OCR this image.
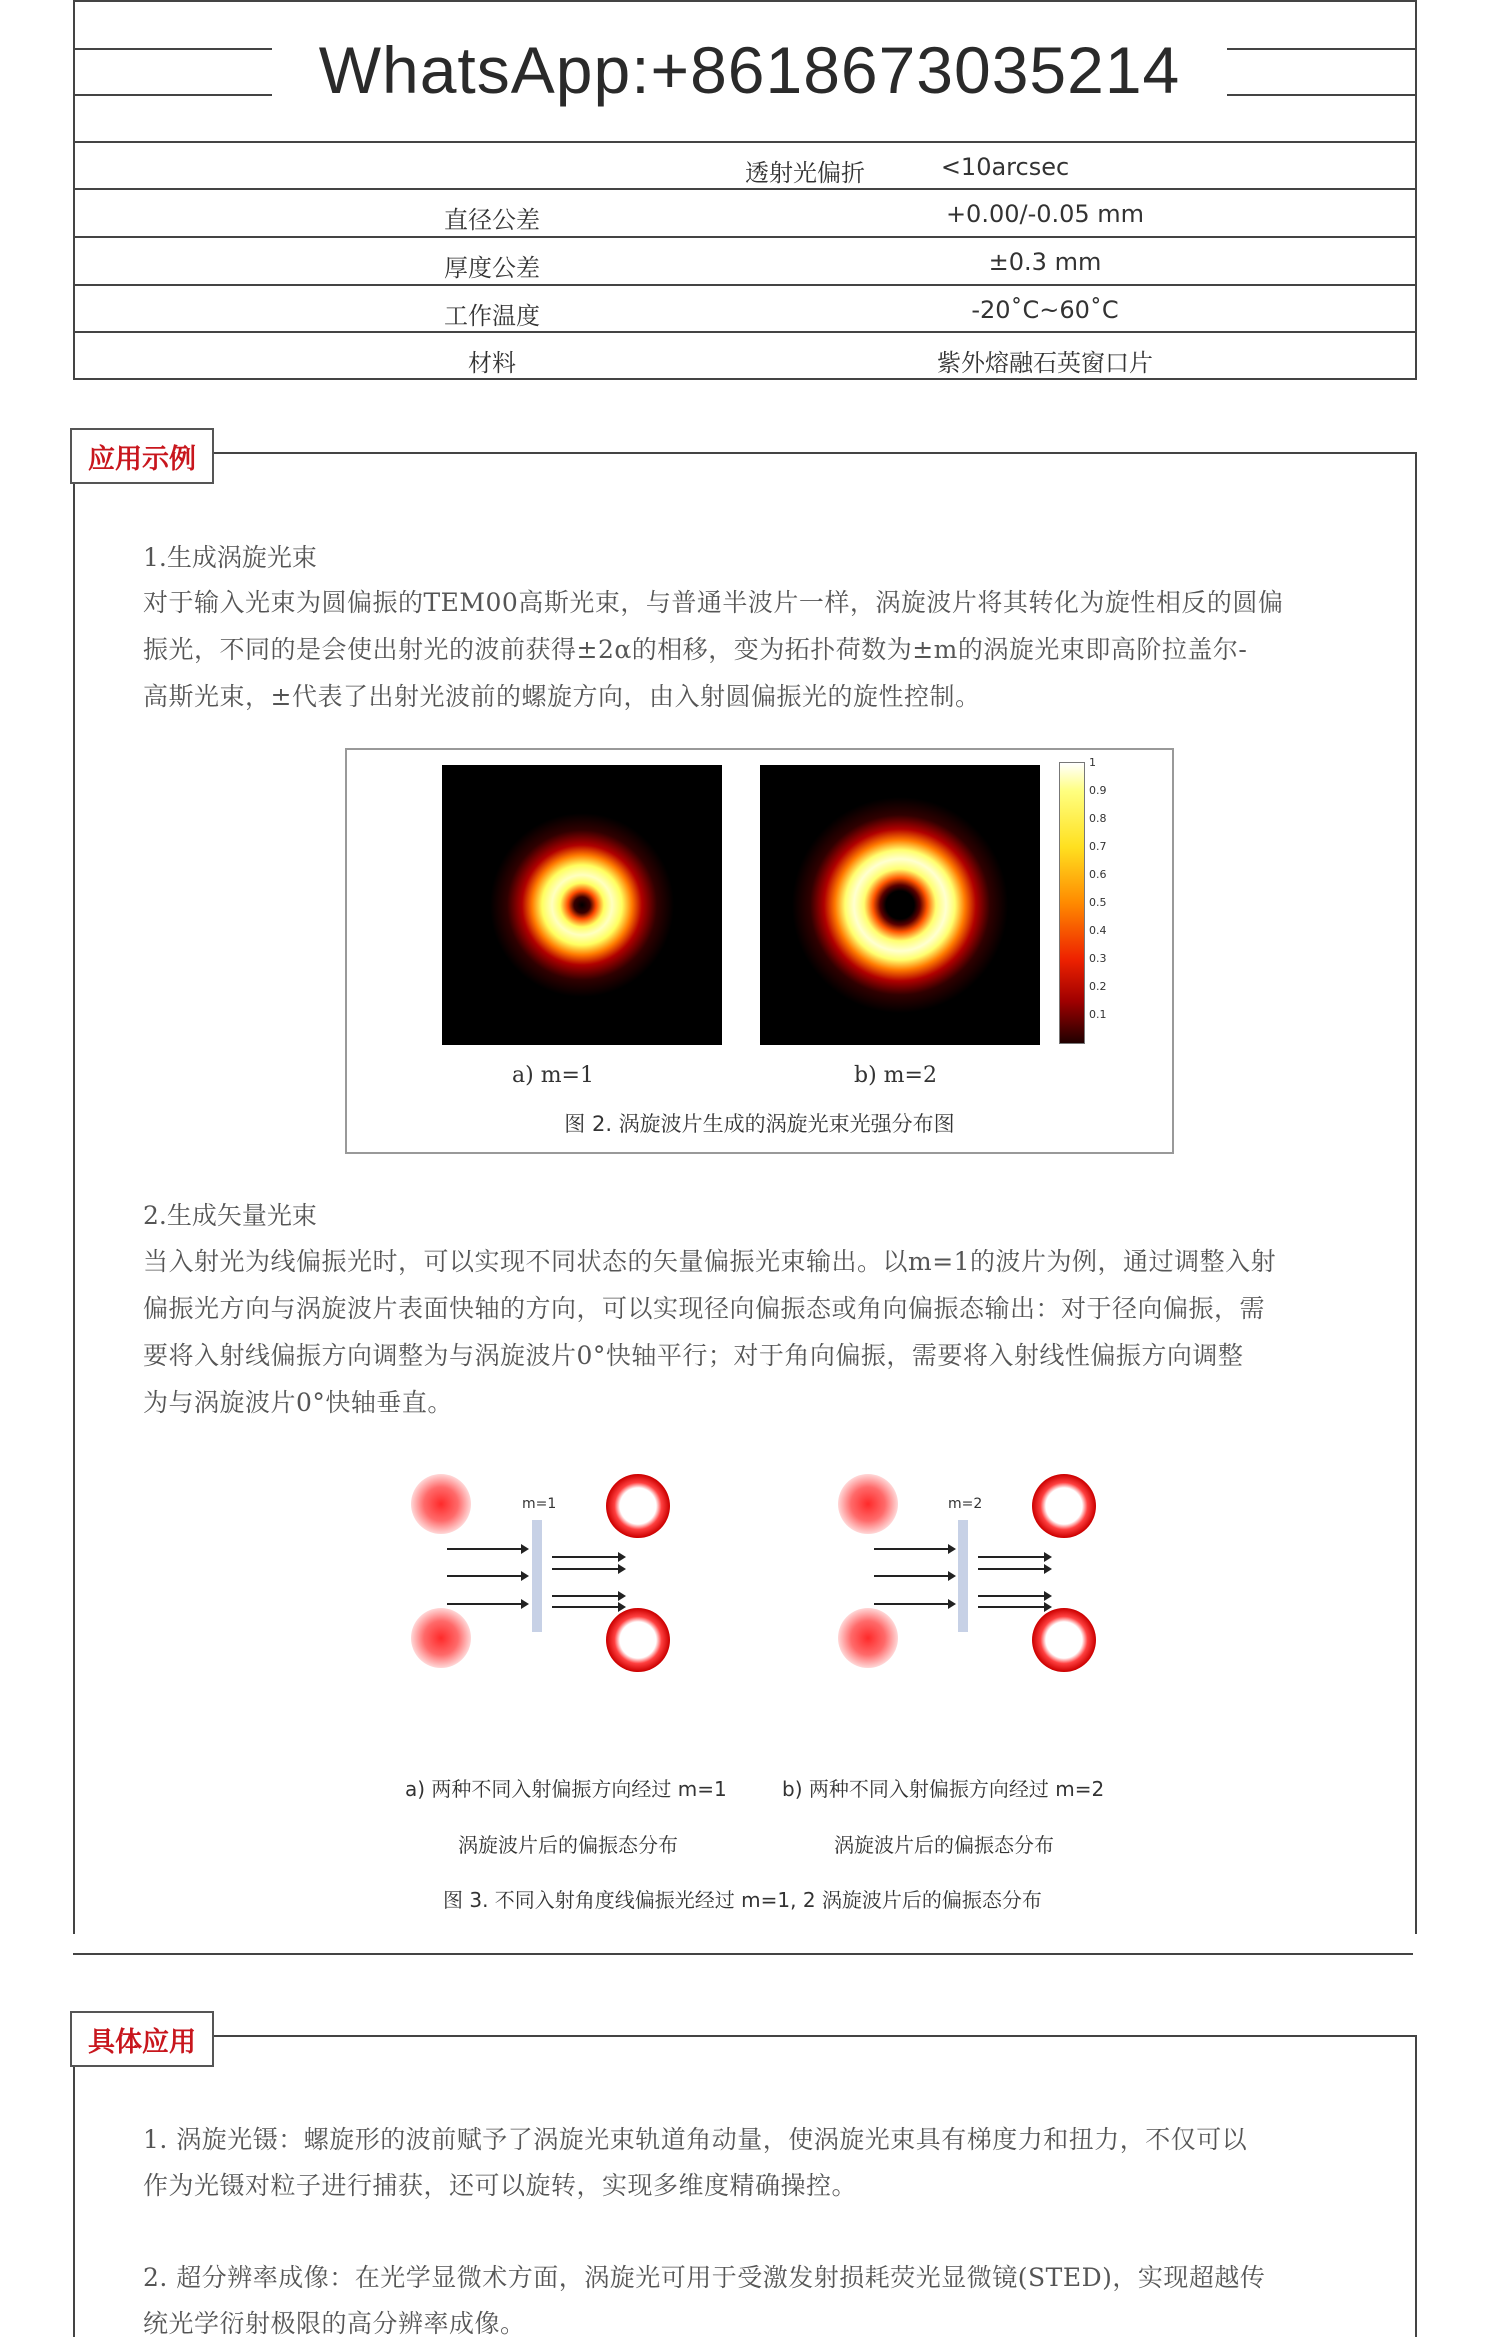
透射光偏折	<10arcsec
直径公差	+0.00/-0.05 mm
厚度公差	±0.3 mm
工作温度	-20˚C~60˚C
材料	紫外熔融石英窗口片
WhatsApp:+8618673035214
应用示例
1.生成涡旋光束
对于输入光束为圆偏振的TEM00高斯光束，与普通半波片一样，涡旋波片将其转化为旋性相反的圆偏
振光，不同的是会使出射光的波前获得±2α的相移，变为拓扑荷数为±m的涡旋光束即高阶拉盖尔-
高斯光束，±代表了出射光波前的螺旋方向，由入射圆偏振光的旋性控制。
1
0.9
0.8
0.7
0.6
0.5
0.4
0.3
0.2
0.1
a) m=1	b) m=2
图 2. 涡旋波片生成的涡旋光束光强分布图
2.生成矢量光束
当入射光为线偏振光时，可以实现不同状态的矢量偏振光束输出。以m=1的波片为例，通过调整入射
偏振光方向与涡旋波片表面快轴的方向，可以实现径向偏振态或角向偏振态输出：对于径向偏振，需
要将入射线偏振方向调整为与涡旋波片0°快轴平行；对于角向偏振，需要将入射线性偏振方向调整
为与涡旋波片0°快轴垂直。
m=1	m=2
a) 两种不同入射偏振方向经过 m=1
涡旋波片后的偏振态分布
b) 两种不同入射偏振方向经过 m=2
涡旋波片后的偏振态分布
图 3. 不同入射角度线偏振光经过 m=1, 2 涡旋波片后的偏振态分布
具体应用
1. 涡旋光镊：螺旋形的波前赋予了涡旋光束轨道角动量，使涡旋光束具有梯度力和扭力，不仅可以
作为光镊对粒子进行捕获，还可以旋转，实现多维度精确操控。
2. 超分辨率成像：在光学显微术方面，涡旋光可用于受激发射损耗荧光显微镜(STED)，实现超越传
统光学衍射极限的高分辨率成像。
